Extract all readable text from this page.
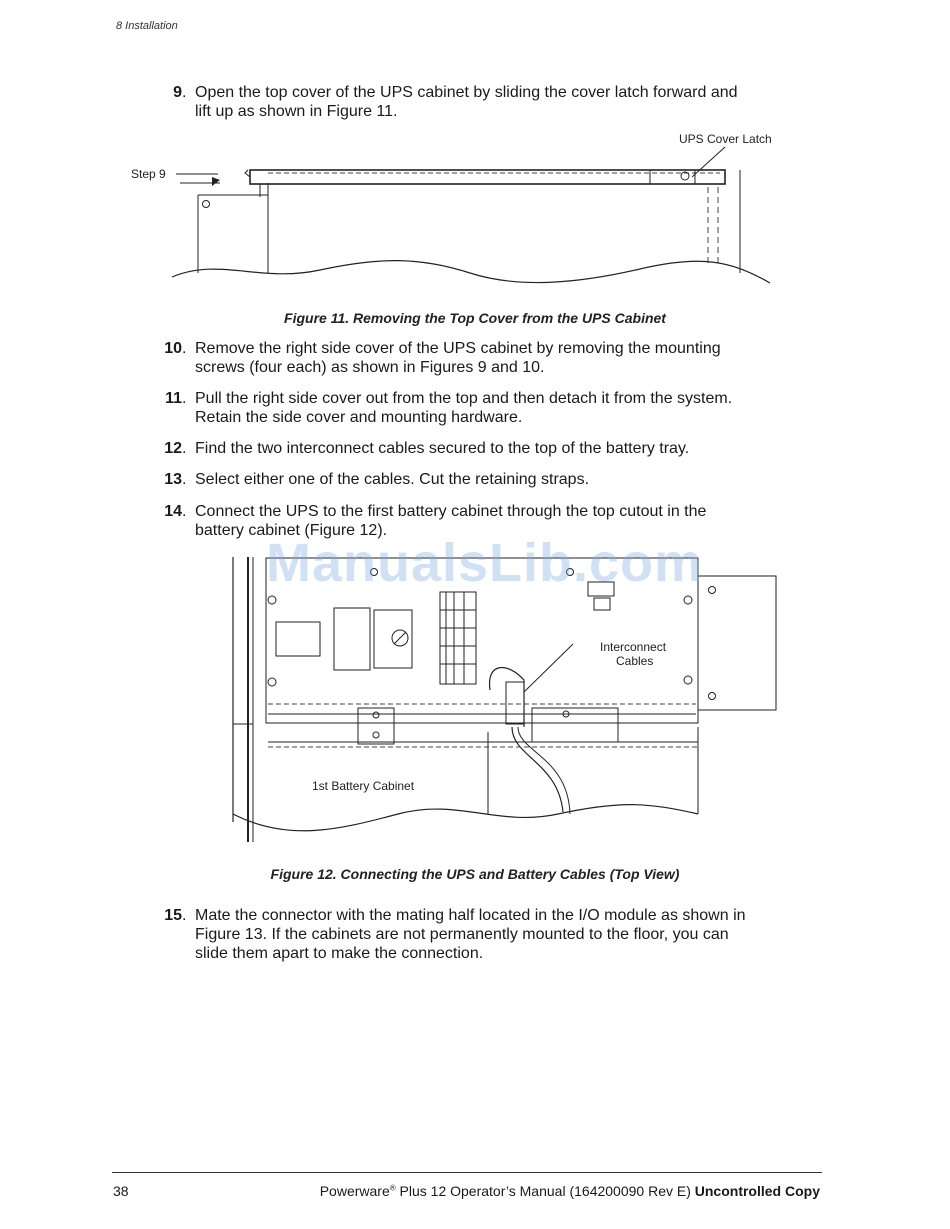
8 Installation
9 . Open the top cover of the UPS cabinet by sliding the cover latch forward and
lift up as shown in Figure 11.
UPS Cover Latch
Step 9
Figure 11. Removing the Top Cover from the UPS Cabinet
10 . Remove the right side cover of the UPS cabinet by removing the mounting
screws (four each) as shown in Figures 9 and 10.
11 . Pull the right side cover out from the top and then detach it from the system.
Retain the side cover and mounting hardware.
12 . Find the two interconnect cables secured to the top of the battery tray.
13 . Select either one of the cables. Cut the retaining straps.
14 . Connect the UPS to the first battery cabinet through the top cutout in the
battery cabinet (Figure 12).
Interconnect
Cables
1st Battery Cabinet
ManualsLib.com
Figure 12. Connecting the UPS and Battery Cables (Top View)
15 . Mate the connector with the mating half located in the I/O module as shown in
Figure 13. If the cabinets are not permanently mounted to the floor, you can
slide them apart to make the connection.
38	Powerware® Plus 12 Operator’s Manual (164200090 Rev E) Uncontrolled Copy
